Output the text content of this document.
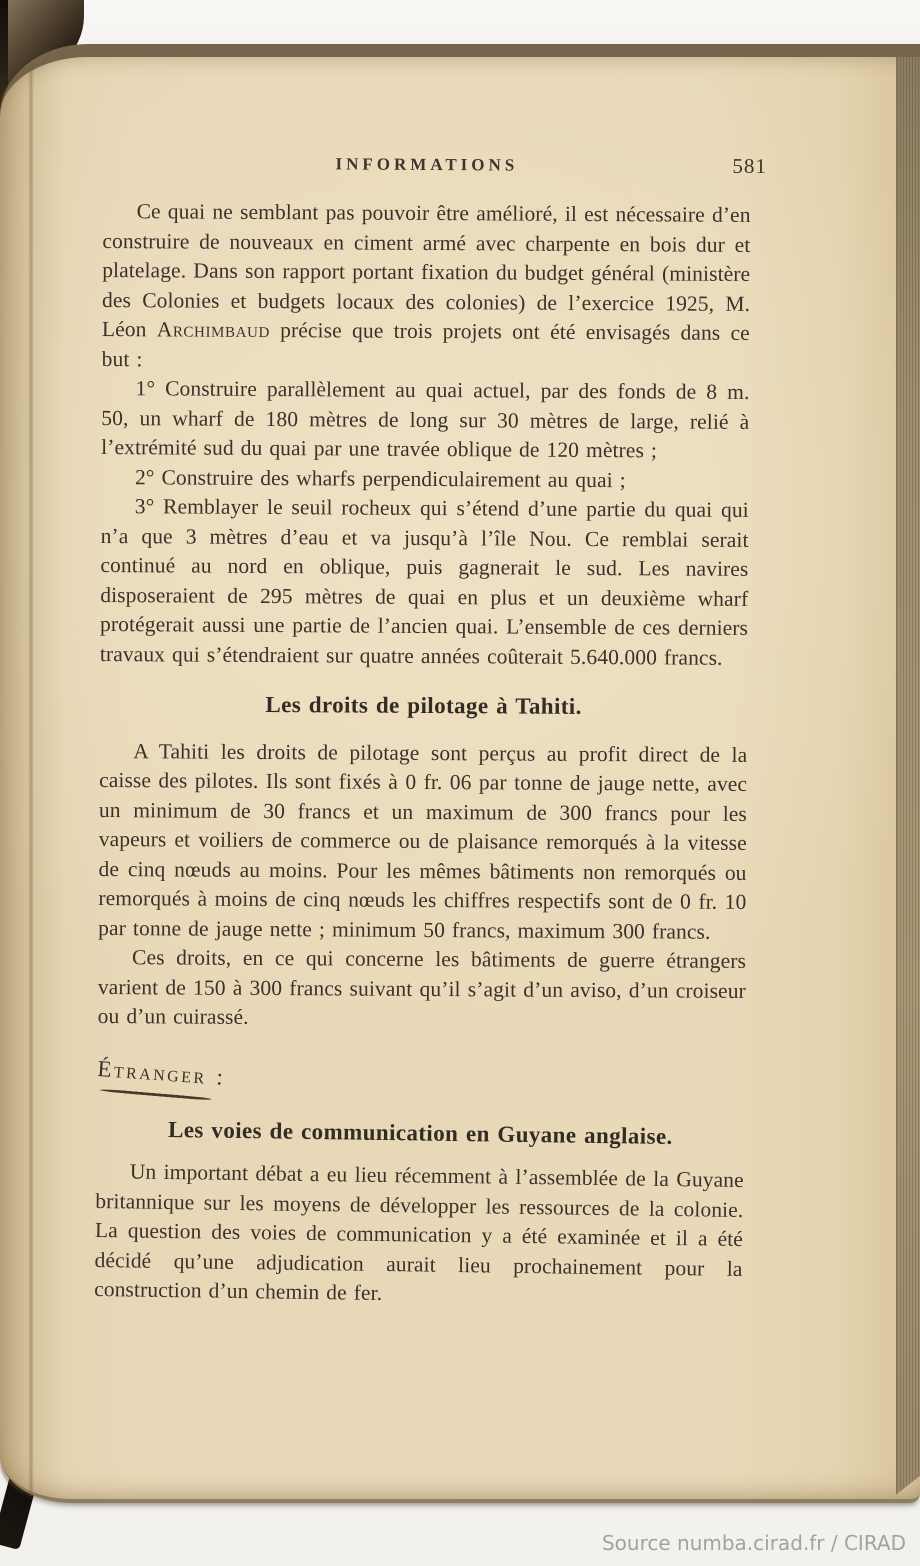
INFORMATIONS	581

Ce quai ne semblant pas pouvoir être amélioré, il est nécessaire d’en construire de nouveaux en ciment armé avec charpente en bois dur et platelage. Dans son rapport portant fixation du budget général (ministère des Colonies et budgets locaux des colonies) de l’exercice 1925, M. Léon Archimbaud précise que trois projets ont été envisagés dans ce but :

1° Construire parallèlement au quai actuel, par des fonds de 8 m. 50, un wharf de 180 mètres de long sur 30 mètres de large, relié à l’extrémité sud du quai par une travée oblique de 120 mètres ;

2° Construire des wharfs perpendiculairement au quai ;

3° Remblayer le seuil rocheux qui s’étend d’une partie du quai qui n’a que 3 mètres d’eau et va jusqu’à l’île Nou. Ce remblai serait continué au nord en oblique, puis gagnerait le sud. Les navires disposeraient de 295 mètres de quai en plus et un deuxième wharf protégerait aussi une partie de l’ancien quai. L’ensemble de ces derniers travaux qui s’étendraient sur quatre années coûterait 5.640.000 francs.

Les droits de pilotage à Tahiti.

A Tahiti les droits de pilotage sont perçus au profit direct de la caisse des pilotes. Ils sont fixés à 0 fr. 06 par tonne de jauge nette, avec un minimum de 30 francs et un maximum de 300 francs pour les vapeurs et voiliers de commerce ou de plaisance remorqués à la vitesse de cinq nœuds au moins. Pour les mêmes bâtiments non remorqués ou remorqués à moins de cinq nœuds les chiffres respectifs sont de 0 fr. 10 par tonne de jauge nette ; minimum 50 francs, maximum 300 francs.

Ces droits, en ce qui concerne les bâtiments de guerre étrangers varient de 150 à 300 francs suivant qu’il s’agit d’un aviso, d’un croiseur ou d’un cuirassé.

Étranger :
Les voies de communication en Guyane anglaise.

Un important débat a eu lieu récemment à l’assemblée de la Guyane britannique sur les moyens de développer les ressources de la colonie. La question des voies de communication y a été examinée et il a été décidé qu’une adjudication aurait lieu prochainement pour la construction d’un chemin de fer.

Source numba.cirad.fr / CIRAD
